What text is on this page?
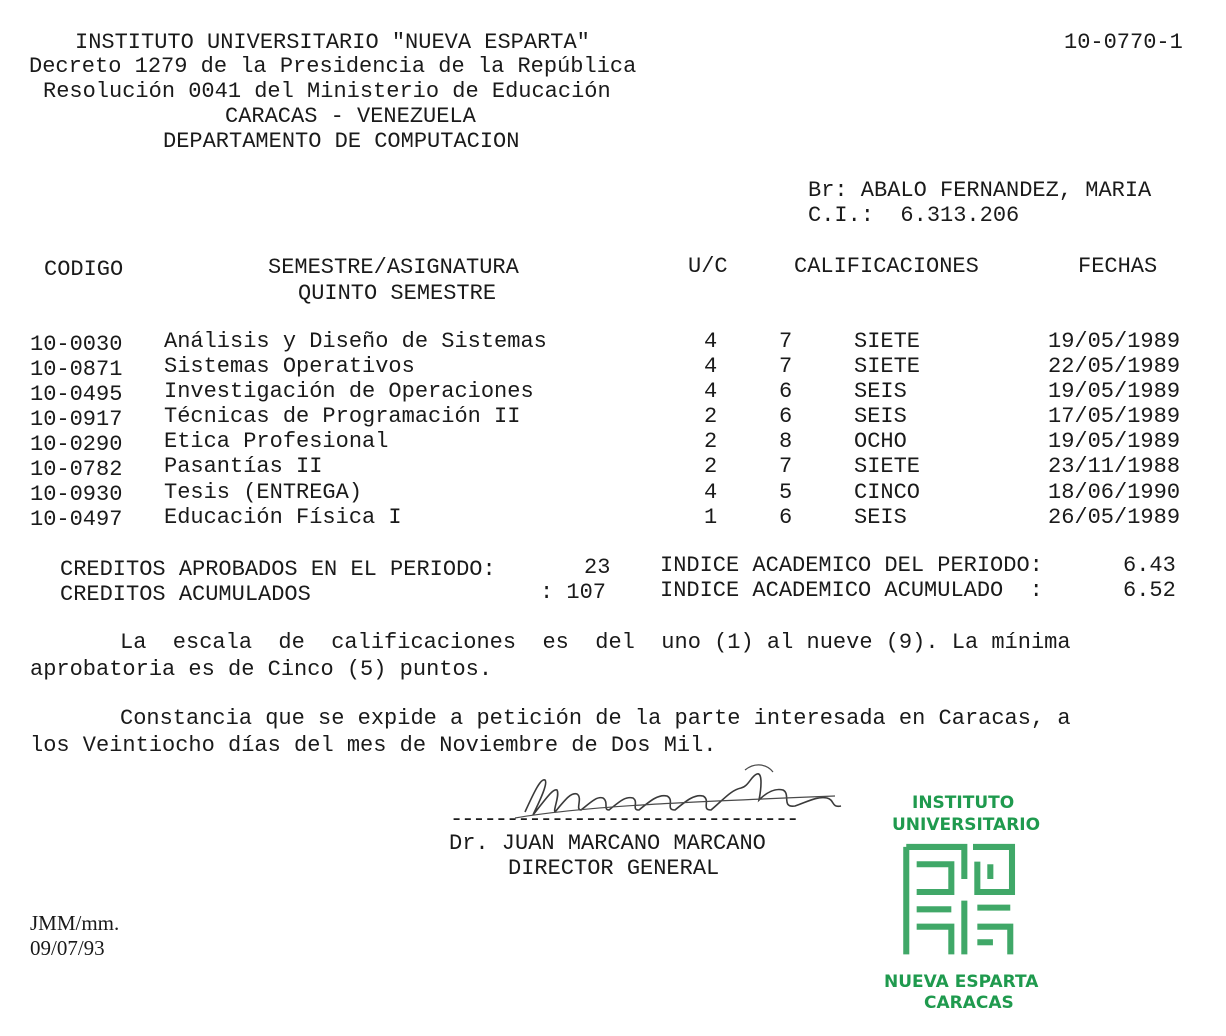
INSTITUTO UNIVERSITARIO "NUEVA ESPARTA"
Decreto 1279 de la Presidencia de la República
Resolución 0041 del Ministerio de Educación
CARACAS - VENEZUELA
DEPARTAMENTO DE COMPUTACION
10-0770-1
Br: ABALO FERNANDEZ, MARIA
C.I.:  6.313.206
CODIGO	SEMESTRE/ASIGNATURA	U/C	CALIFICACIONES	FECHAS
QUINTO SEMESTRE
10-0030 Análisis y Diseño de Sistemas	4	7	SIETE	19/05/1989
10-0871 Sistemas Operativos	4	7	SIETE	22/05/1989
10-0495 Investigación de Operaciones	4	6	SEIS	19/05/1989
10-0917 Técnicas de Programación II	2	6	SEIS	17/05/1989
10-0290 Etica Profesional	2	8	OCHO	19/05/1989
10-0782 Pasantías II	2	7	SIETE	23/11/1988
10-0930 Tesis (ENTREGA)	4	5	CINCO	18/06/1990
10-0497 Educación Física I	1	6	SEIS	26/05/1989
CREDITOS APROBADOS EN EL PERIODO:	23
CREDITOS ACUMULADOS	: 107
INDICE ACADEMICO DEL PERIODO:	6.43
INDICE ACADEMICO ACUMULADO  :	6.52
La  escala  de  calificaciones  es  del  uno (1) al nueve (9). La mínima
aprobatoria es de Cinco (5) puntos.
Constancia que se expide a petición de la parte interesada en Caracas, a
los Veintiocho días del mes de Noviembre de Dos Mil.
-------------------------------
Dr. JUAN MARCANO MARCANO
DIRECTOR GENERAL
INSTITUTO
UNIVERSITARIO
NUEVA ESPARTA
CARACAS
JMM/mm.
09/07/93
